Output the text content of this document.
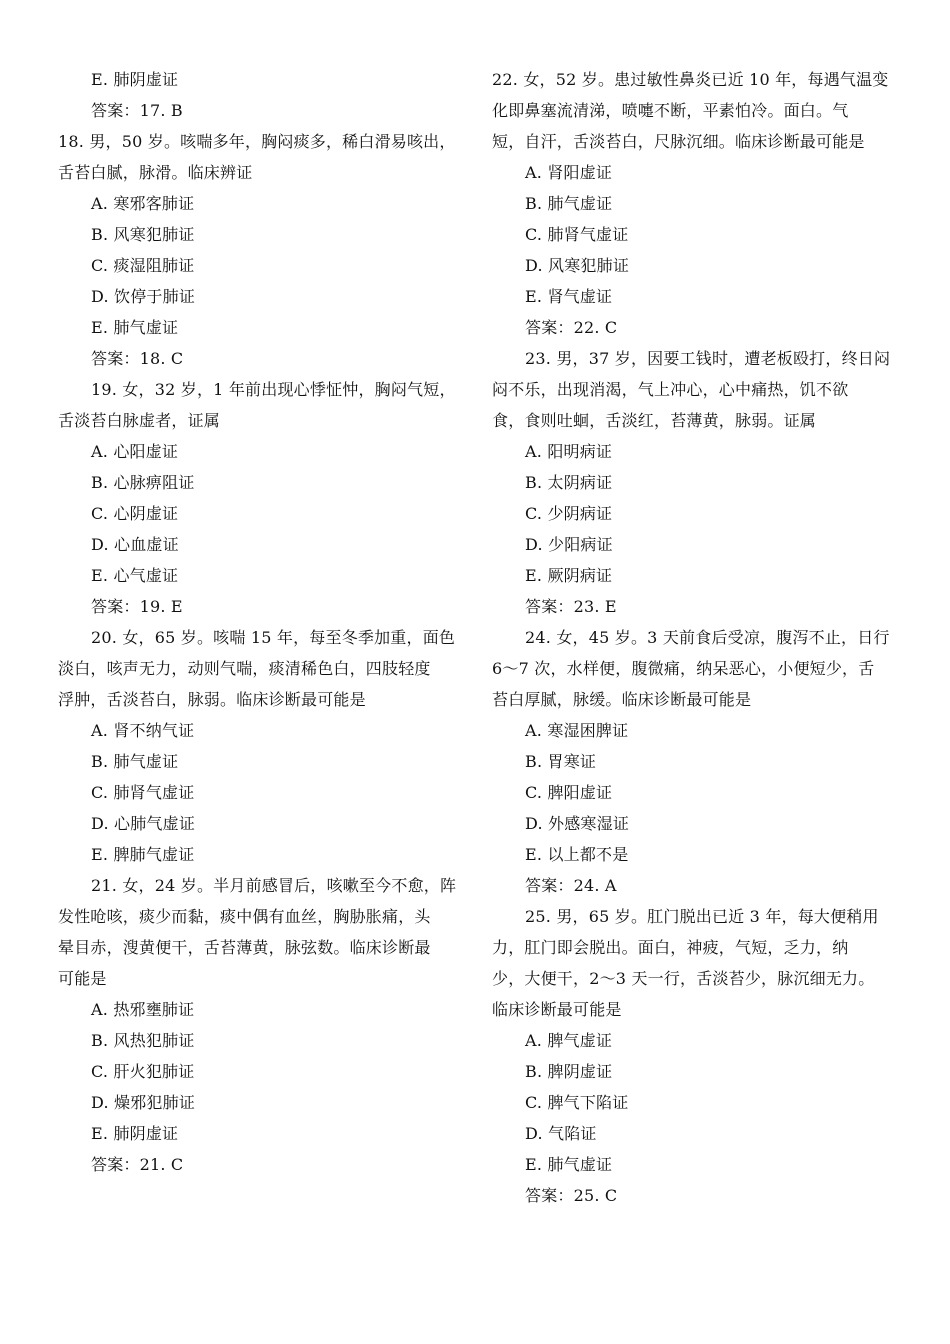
E. 肺阴虚证
答案：17. B
18. 男，50 岁。咳喘多年，胸闷痰多，稀白滑易咳出，
舌苔白腻，脉滑。临床辨证
A. 寒邪客肺证
B. 风寒犯肺证
C. 痰湿阻肺证
D. 饮停于肺证
E. 肺气虚证
答案：18. C
19. 女，32 岁，1 年前出现心悸怔忡，胸闷气短，
舌淡苔白脉虚者，证属
A. 心阳虚证
B. 心脉痹阻证
C. 心阴虚证
D. 心血虚证
E. 心气虚证
答案：19. E
20. 女，65 岁。咳喘 15 年，每至冬季加重，面色
淡白，咳声无力，动则气喘，痰清稀色白，四肢轻度
浮肿，舌淡苔白，脉弱。临床诊断最可能是
A. 肾不纳气证
B. 肺气虚证
C. 肺肾气虚证
D. 心肺气虚证
E. 脾肺气虚证
21. 女，24 岁。半月前感冒后，咳嗽至今不愈，阵
发性呛咳，痰少而黏，痰中偶有血丝，胸胁胀痛，头
晕目赤，溲黄便干，舌苔薄黄，脉弦数。临床诊断最
可能是
A. 热邪壅肺证
B. 风热犯肺证
C. 肝火犯肺证
D. 燥邪犯肺证
E. 肺阴虚证
答案：21. C
22. 女，52 岁。患过敏性鼻炎已近 10 年，每遇气温变
化即鼻塞流清涕，喷嚏不断，平素怕冷。面白。气
短，自汗，舌淡苔白，尺脉沉细。临床诊断最可能是
A. 肾阳虚证
B. 肺气虚证
C. 肺肾气虚证
D. 风寒犯肺证
E. 肾气虚证
答案：22. C
23. 男，37 岁，因要工钱时，遭老板殴打，终日闷
闷不乐，出现消渴，气上冲心，心中痛热，饥不欲
食，食则吐蛔，舌淡红，苔薄黄，脉弱。证属
A. 阳明病证
B. 太阴病证
C. 少阴病证
D. 少阳病证
E. 厥阴病证
答案：23. E
24. 女，45 岁。3 天前食后受凉，腹泻不止，日行
6～7 次，水样便，腹微痛，纳呆恶心，小便短少，舌
苔白厚腻，脉缓。临床诊断最可能是
A. 寒湿困脾证
B. 胃寒证
C. 脾阳虚证
D. 外感寒湿证
E. 以上都不是
答案：24. A
25. 男，65 岁。肛门脱出已近 3 年，每大便稍用
力，肛门即会脱出。面白，神疲，气短，乏力，纳
少，大便干，2～3 天一行，舌淡苔少，脉沉细无力。
临床诊断最可能是
A. 脾气虚证
B. 脾阴虚证
C. 脾气下陷证
D. 气陷证
E. 肺气虚证
答案：25. C
